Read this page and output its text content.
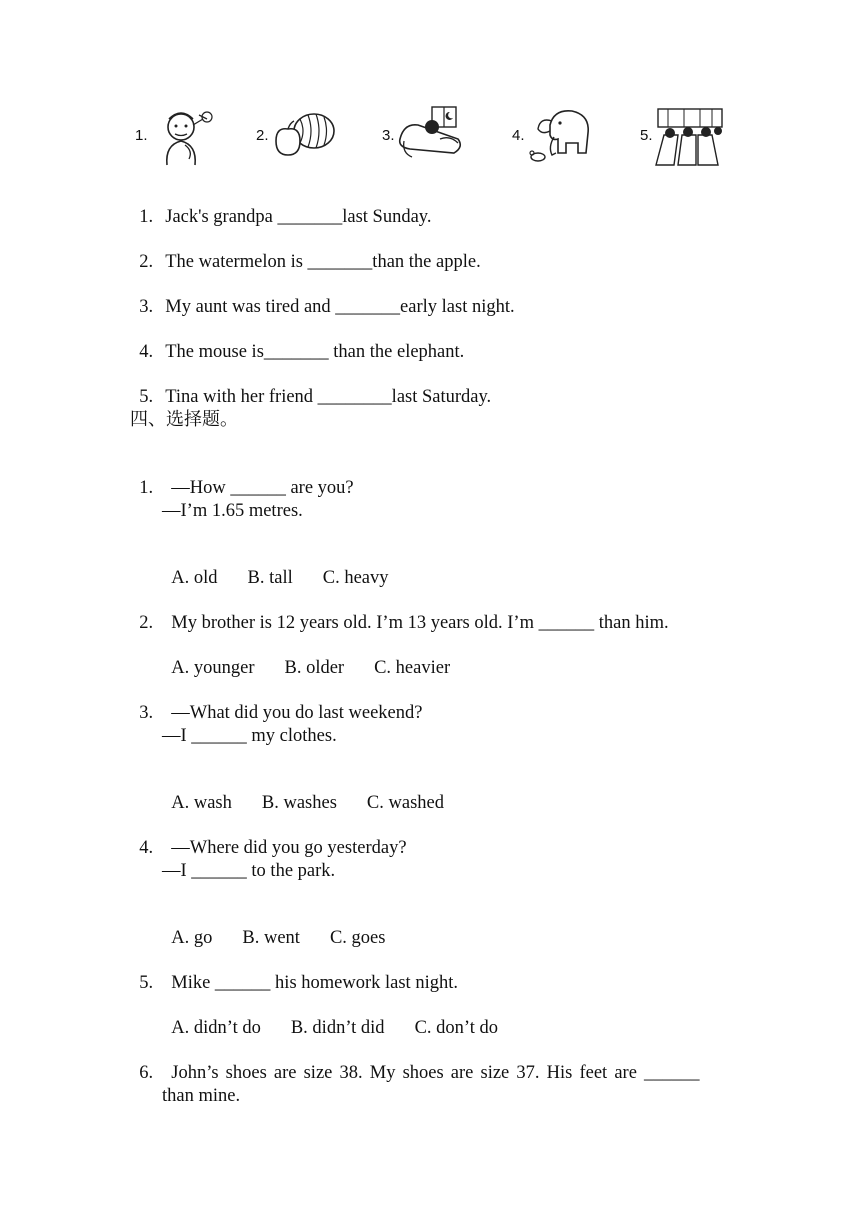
1.	2.	3.	4.	5.

1. Jack's grandpa _______last Sunday.

2. The watermelon is _______than the apple.

3. My aunt was tired and _______early last night.

4. The mouse is_______ than the elephant.

5. Tina with her friend ________last Saturday.

四、选择题。

1. —How ______ are you?

—I’m 1.65 metres.

A. old B. tall C. heavy

2. My brother is 12 years old. I’m 13 years old. I’m ______ than him.

A. younger B. older C. heavier

3. —What did you do last weekend?

—I ______ my clothes.

A. wash B. washes C. washed

4. —Where did you go yesterday?

—I ______ to the park.

A. go B. went C. goes

5. Mike ______ his homework last night.

A. didn’t do B. didn’t did C. don’t do

6. John’s shoes are size 38. My shoes are size 37. His feet are ______

than mine.
